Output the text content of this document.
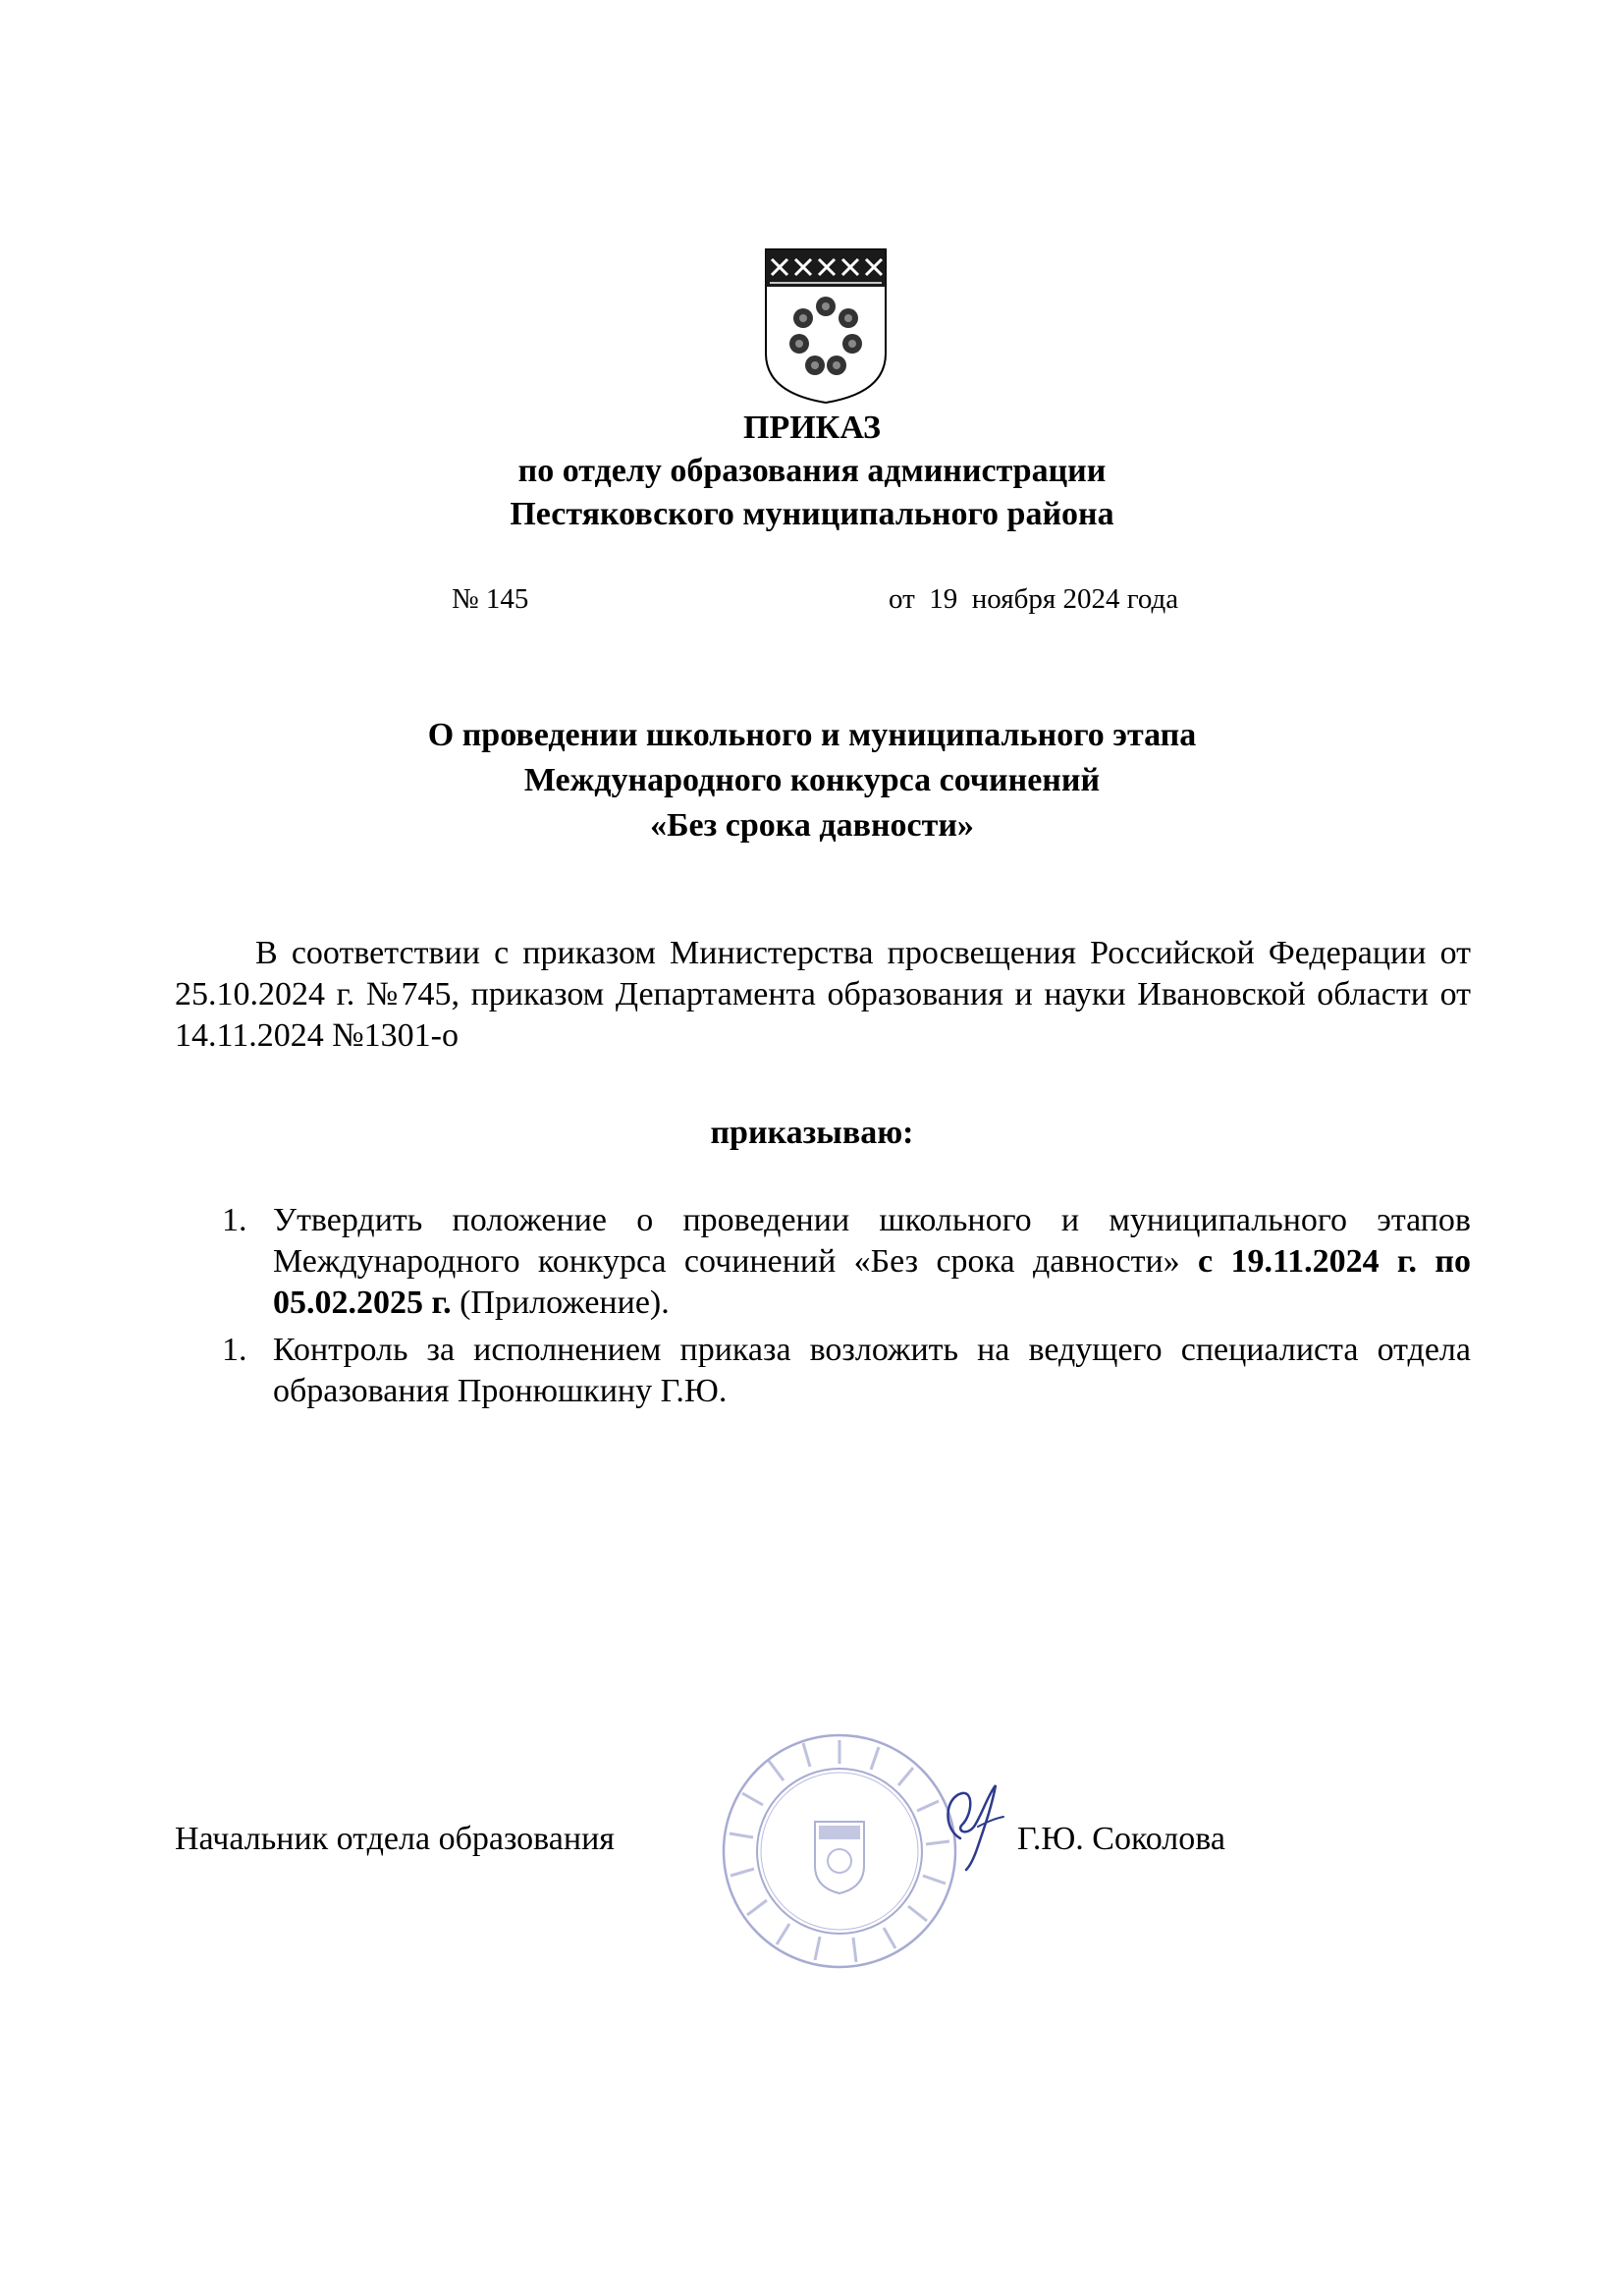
ПРИКАЗ
по отделу образования администрации
Пестяковского муниципального района
№ 145	от  19  ноября 2024 года
О проведении школьного и муниципального этапа
Международного конкурса сочинений
«Без срока давности»
В соответствии с приказом Министерства просвещения Российской Федерации от 25.10.2024 г. №745, приказом Департамента образования и науки Ивановской области от 14.11.2024 №1301-о
приказываю:
1. Утвердить положение о проведении школьного и муниципального этапов Международного конкурса сочинений «Без срока давности» с 19.11.2024 г. по 05.02.2025 г. (Приложение).
1. Контроль за исполнением приказа возложить на ведущего специалиста отдела образования Пронюшкину Г.Ю.
Начальник отдела образования	Г.Ю. Соколова
